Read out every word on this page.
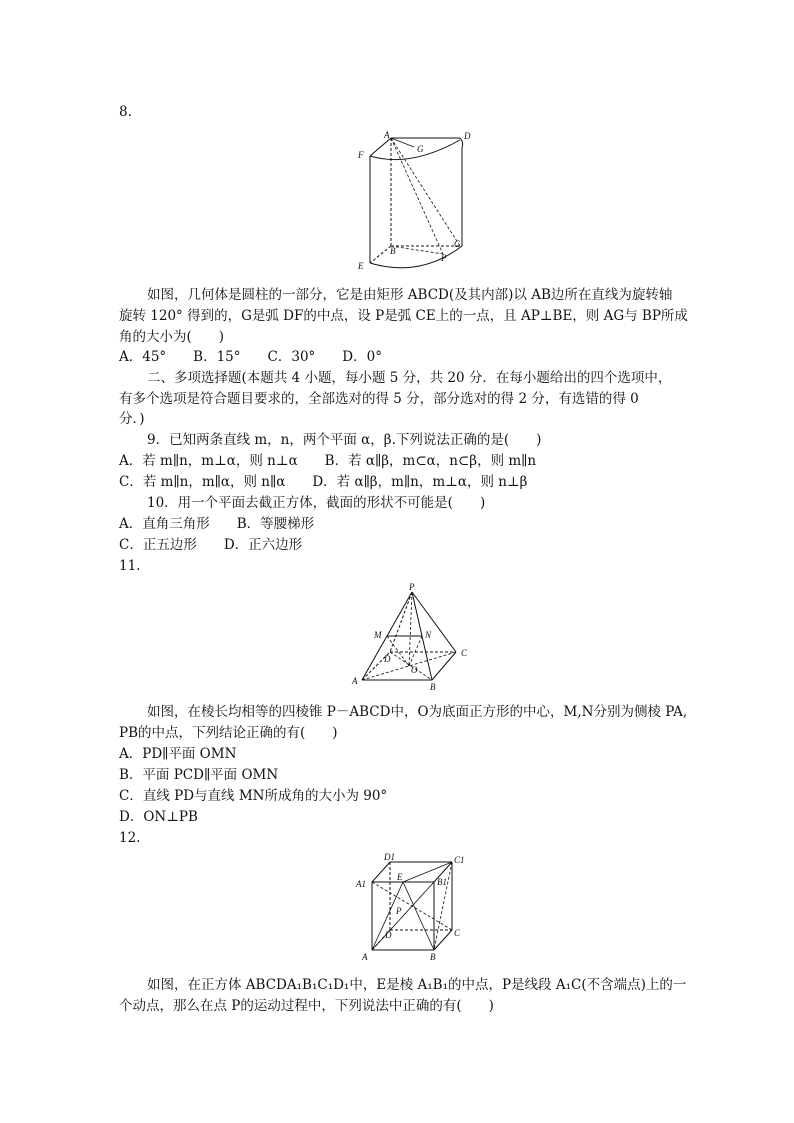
8.
A	D
F
G
B
C
E
P
如图，几何体是圆柱的一部分，它是由矩形 ABCD(及其内部)以 AB边所在直线为旋转轴
旋转 120° 得到的，G是弧 DF的中点，设 P是弧 CE上的一点，且 AP⊥BE，则 AG与 BP所成
角的大小为(　　)
A．45°　　B．15°　　C．30°　　D．0°
二、多项选择题(本题共 4 小题，每小题 5 分，共 20 分．在每小题给出的四个选项中，
有多个选项是符合题目要求的，全部选对的得 5 分，部分选对的得 2 分，有选错的得 0
分．)
9．已知两条直线 m，n，两个平面 α，β.下列说法正确的是(　　)
A．若 m∥n，m⊥α，则 n⊥α　　B．若 α∥β，m⊂α，n⊂β，则 m∥n
C．若 m∥n，m∥α，则 n∥α　　D．若 α∥β，m∥n，m⊥α，则 n⊥β
10．用一个平面去截正方体，截面的形状不可能是(　　)
A．直角三角形　　B．等腰梯形
C．正五边形　　D．正六边形
11.
P
M	N
C
D
O
A
B
如图，在棱长均相等的四棱锥 P－ABCD中，O为底面正方形的中心，M,N分别为侧棱 PA,
PB的中点，下列结论正确的有(　　)
A．PD∥平面 OMN
B．平面 PCD∥平面 OMN
C．直线 PD与直线 MN所成角的大小为 90°
D．ON⊥PB
12.
D1	C1
A1
E	B1
P
D	C
A	B
如图，在正方体 ABCDA₁B₁C₁D₁中，E是棱 A₁B₁的中点，P是线段 A₁C(不含端点)上的一
个动点，那么在点 P的运动过程中，下列说法中正确的有(　　)
